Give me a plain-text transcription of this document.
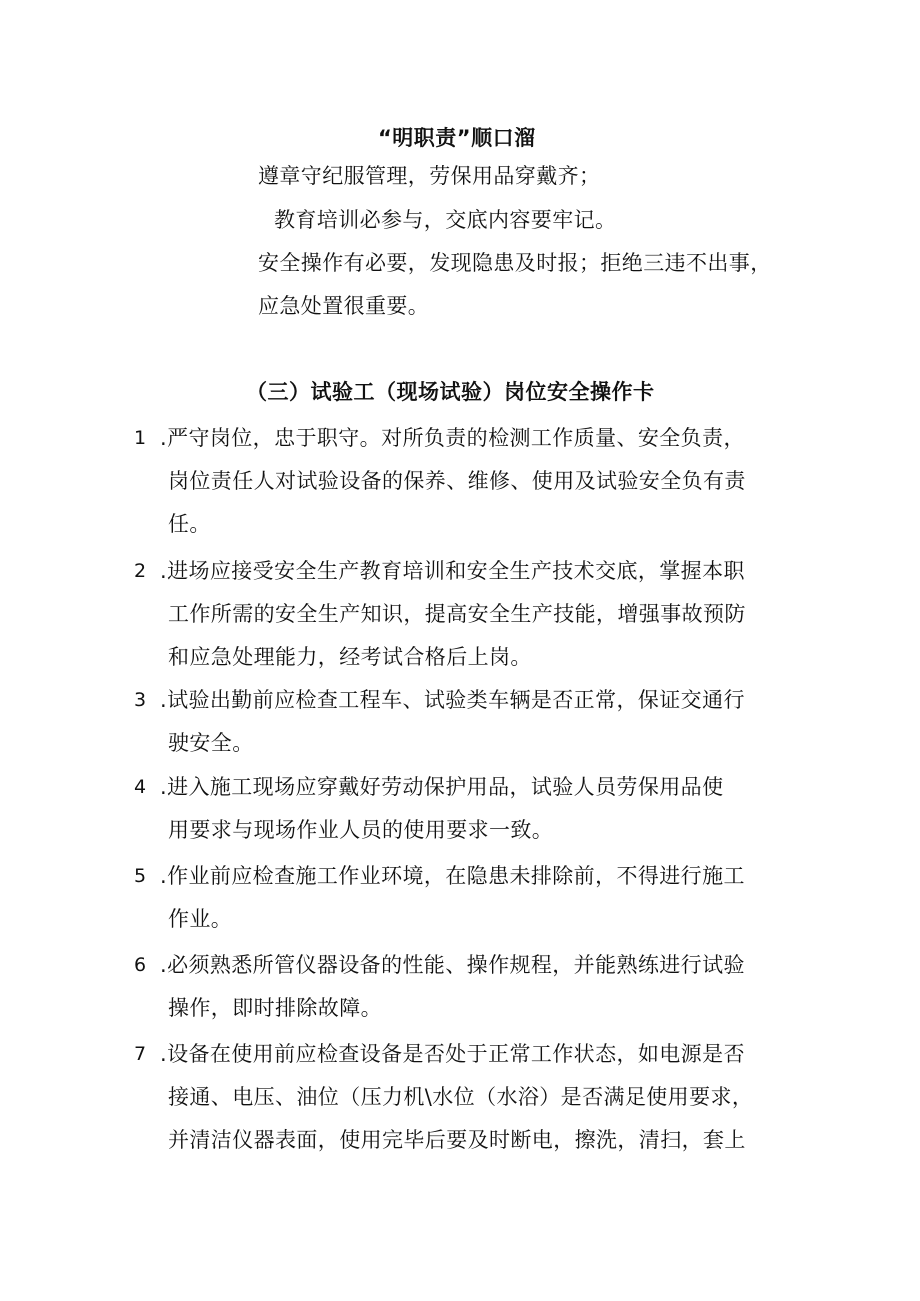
“明职责”顺口溜
遵章守纪服管理，劳保用品穿戴齐；
教育培训必参与，交底内容要牢记。
安全操作有必要，发现隐患及时报；拒绝三违不出事，
应急处置很重要。
（三）试验工（现场试验）岗位安全操作卡
1 .严守岗位，忠于职守。对所负责的检测工作质量、安全负责，
岗位责任人对试验设备的保养、维修、使用及试验安全负有责
任。
2 .进场应接受安全生产教育培训和安全生产技术交底，掌握本职
工作所需的安全生产知识，提高安全生产技能，增强事故预防
和应急处理能力，经考试合格后上岗。
3 .试验出勤前应检查工程车、试验类车辆是否正常，保证交通行
驶安全。
4 .进入施工现场应穿戴好劳动保护用品，试验人员劳保用品使
用要求与现场作业人员的使用要求一致。
5 .作业前应检查施工作业环境，在隐患未排除前，不得进行施工
作业。
6 .必须熟悉所管仪器设备的性能、操作规程，并能熟练进行试验
操作，即时排除故障。
7 .设备在使用前应检查设备是否处于正常工作状态，如电源是否
接通、电压、油位（压力机\水位（水浴）是否满足使用要求，
并清洁仪器表面，使用完毕后要及时断电，擦洗，清扫，套上
